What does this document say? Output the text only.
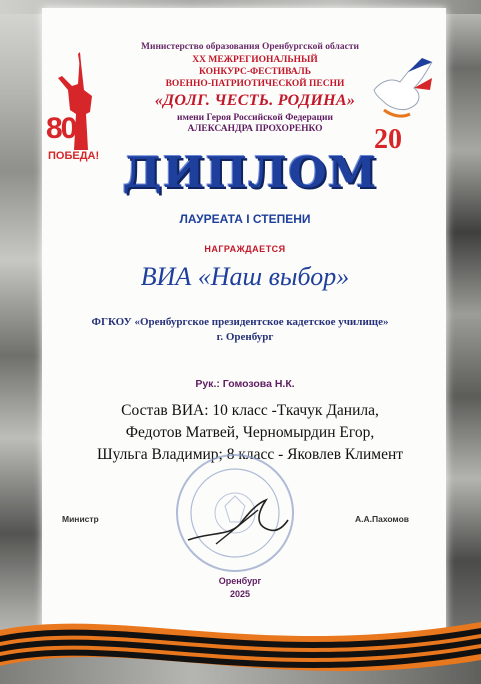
80
ПОБЕДА!
20
Министерство образования Оренбургской области
XX МЕЖРЕГИОНАЛЬНЫЙ
КОНКУРС-ФЕСТИВАЛЬ
ВОЕННО-ПАТРИОТИЧЕСКОЙ ПЕСНИ
«ДОЛГ. ЧЕСТЬ. РОДИНА»
имени Героя Российской Федерации
АЛЕКСАНДРА ПРОХОРЕНКО
ДИПЛОМ
ЛАУРЕАТА I СТЕПЕНИ
НАГРАЖДАЕТСЯ
ВИА «Наш выбор»
ФГКОУ «Оренбургское президентское кадетское училище»
г. Оренбург
Рук.: Гомозова Н.К.
Состав ВИА: 10 класс -Ткачук Данила,
Федотов Матвей, Черномырдин Егор,
Шульга Владимир; 8 класс - Яковлев Климент
Министр	А.А.Пахомов
Оренбург
2025
